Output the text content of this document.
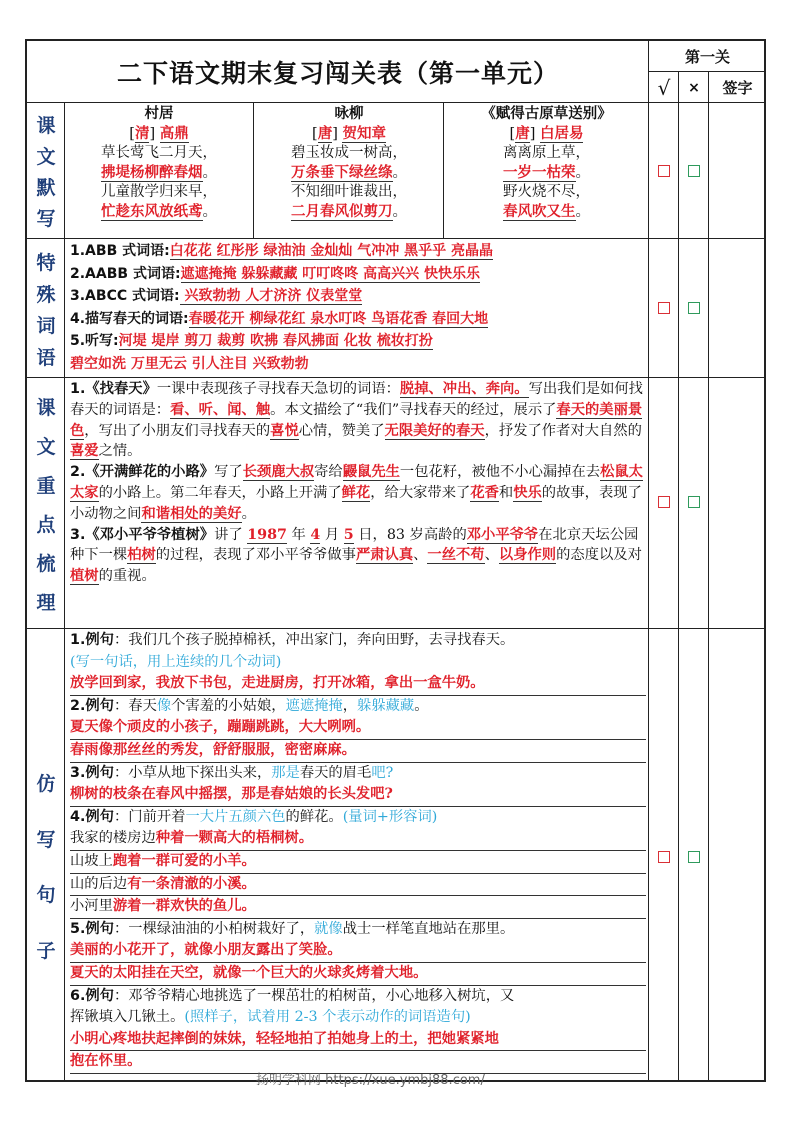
二下语文期末复习闯关表（第一单元）
第一关
√	×	签字
课
文
默
写
特
殊
词
语
课
文
重
点
梳
理
仿
写
句
子
村居
[清] 高鼎
草长莺飞二月天，
拂堤杨柳醉春烟。
儿童散学归来早，
忙趁东风放纸鸢。
咏柳
[唐] 贺知章
碧玉妆成一树高，
万条垂下绿丝绦。
不知细叶谁裁出，
二月春风似剪刀。
《赋得古原草送别》
[唐] 白居易
离离原上草，
一岁一枯荣。
野火烧不尽，
春风吹又生。
1.ABB 式词语:白花花 红彤彤 绿油油 金灿灿 气冲冲 黑乎乎 亮晶晶
2.AABB 式词语:遮遮掩掩 躲躲藏藏 叮叮咚咚 高高兴兴 快快乐乐
3.ABCC 式词语: 兴致勃勃 人才济济 仪表堂堂
4.描写春天的词语:春暖花开 柳绿花红 泉水叮咚 鸟语花香 春回大地
5.听写:河堤 堤岸 剪刀 裁剪 吹拂 春风拂面 化妆 梳妆打扮
碧空如洗 万里无云 引人注目 兴致勃勃
1.《找春天》一课中表现孩子寻找春天急切的词语：脱掉、冲出、奔向。写出我们是如何找春天的词语是：看、听、闻、触。本文描绘了“我们”寻找春天的经过，展示了春天的美丽景色，写出了小朋友们寻找春天的喜悦心情，赞美了无限美好的春天，抒发了作者对大自然的喜爱之情。
2.《开满鲜花的小路》写了长颈鹿大叔寄给鼹鼠先生一包花籽，被他不小心漏掉在去松鼠太太家的小路上。第二年春天，小路上开满了鲜花，给大家带来了花香和快乐的故事，表现了小动物之间和谐相处的美好。
3.《邓小平爷爷植树》讲了 1987 年 4 月 5 日，83 岁高龄的邓小平爷爷在北京天坛公园种下一棵柏树的过程，表现了邓小平爷爷做事严肃认真、一丝不苟、以身作则的态度以及对植树的重视。
1.例句：我们几个孩子脱掉棉袄，冲出家门，奔向田野，去寻找春天。
(写一句话，用上连续的几个动词)
放学回到家，我放下书包，走进厨房，打开冰箱，拿出一盒牛奶。
2.例句：春天像个害羞的小姑娘，遮遮掩掩，躲躲藏藏。
夏天像个顽皮的小孩子，蹦蹦跳跳，大大咧咧。
春雨像那丝丝的秀发，舒舒服服，密密麻麻。
3.例句：小草从地下探出头来，那是春天的眉毛吧?
柳树的枝条在春风中摇摆，那是春姑娘的长头发吧?
4.例句：门前开着一大片五颜六色的鲜花。(量词+形容词)
我家的楼房边种着一颗高大的梧桐树。
山坡上跑着一群可爱的小羊。
山的后边有一条清澈的小溪。
小河里游着一群欢快的鱼儿。
5.例句：一棵绿油油的小柏树栽好了，就像战士一样笔直地站在那里。
美丽的小花开了，就像小朋友露出了笑脸。
夏天的太阳挂在天空，就像一个巨大的火球炙烤着大地。
6.例句：邓爷爷精心地挑选了一棵茁壮的柏树苗，小心地移入树坑，又
挥锹填入几锹土。(照样子，试着用 2-3 个表示动作的词语造句)
小明心疼地扶起摔倒的妹妹，轻轻地拍了拍她身上的土，把她紧紧地
抱在怀里。
扬明学科网 https://xue.ymbj88.com/
